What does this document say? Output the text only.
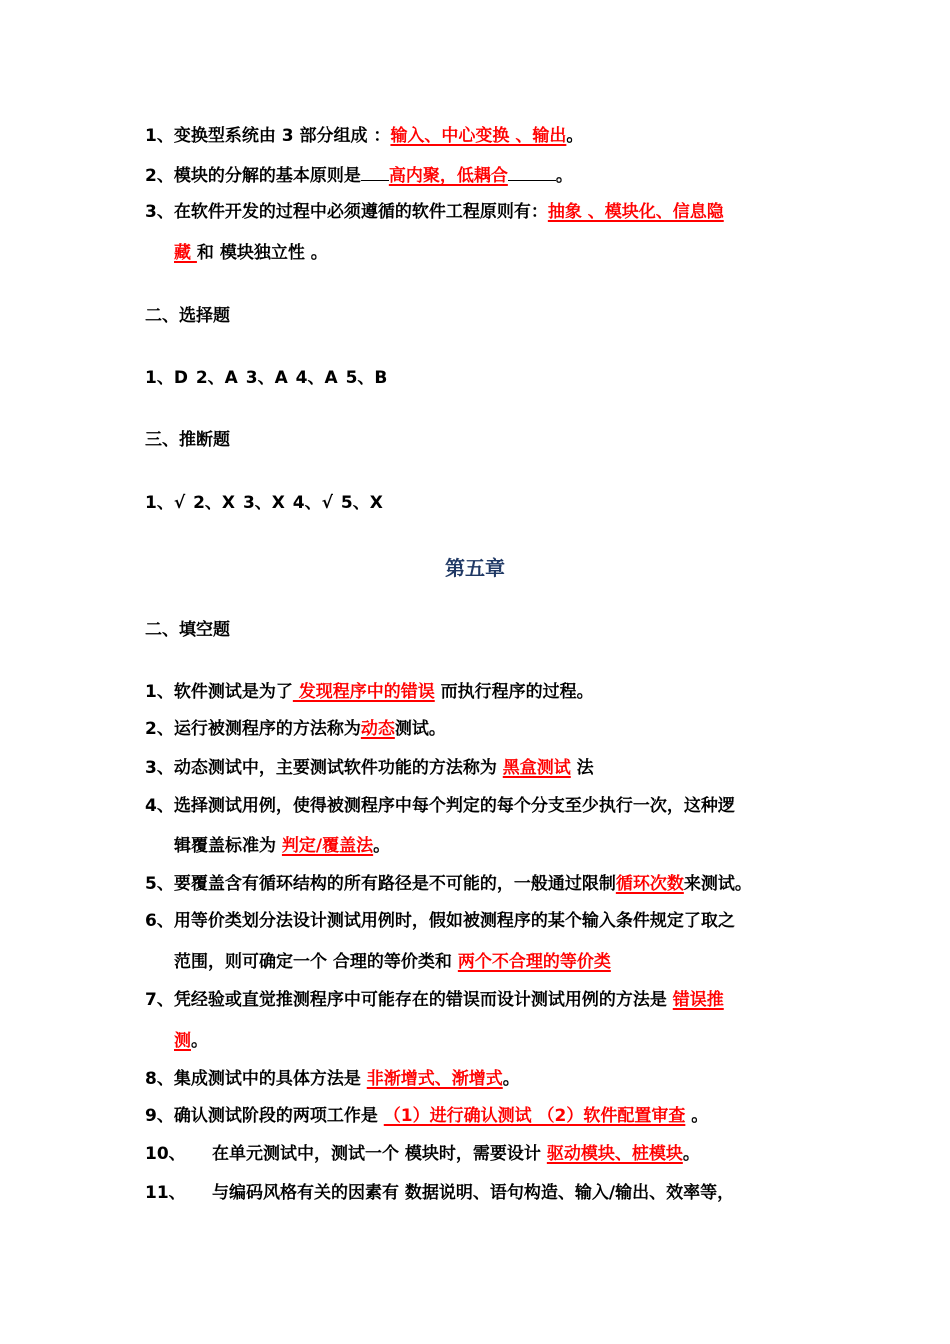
1、变换型系统由 3 部分组成 ：输入、中心变换 、输出。
2、模块的分解的基本原则是 高内聚，低耦合	。
3、在软件开发的过程中必须遵循的软件工程原则有：抽象 、模块化、信息隐
藏 和 模块独立性 。
二、选择题
1、D 2、A 3、A 4、A 5、B
三、推断题
1、√ 2、X 3、X 4、√ 5、X
第五章
二、填空题
1、软件测试是为了 发现程序中的错误 而执行程序的过程。
2、运行被测程序的方法称为动态测试。
3、动态测试中，主要测试软件功能的方法称为 黑盒测试 法
4、选择测试用例，使得被测程序中每个判定的每个分支至少执行一次，这种逻
辑覆盖标准为 判定/覆盖法。
5、要覆盖含有循环结构的所有路径是不可能的，一般通过限制循环次数来测试。
6、用等价类划分法设计测试用例时，假如被测程序的某个输入条件规定了取之
范围，则可确定一个 合理的等价类和 两个不合理的等价类
7、凭经验或直觉推测程序中可能存在的错误而设计测试用例的方法是 错误推
测。
8、集成测试中的具体方法是 非渐增式、渐增式。
9、确认测试阶段的两项工作是 （1）进行确认测试 （2）软件配置审查 。
10、 在单元测试中，测试一个 模块时，需要设计 驱动模块、桩模块。
11、 与编码风格有关的因素有 数据说明、语句构造、输入/输出、效率等，
